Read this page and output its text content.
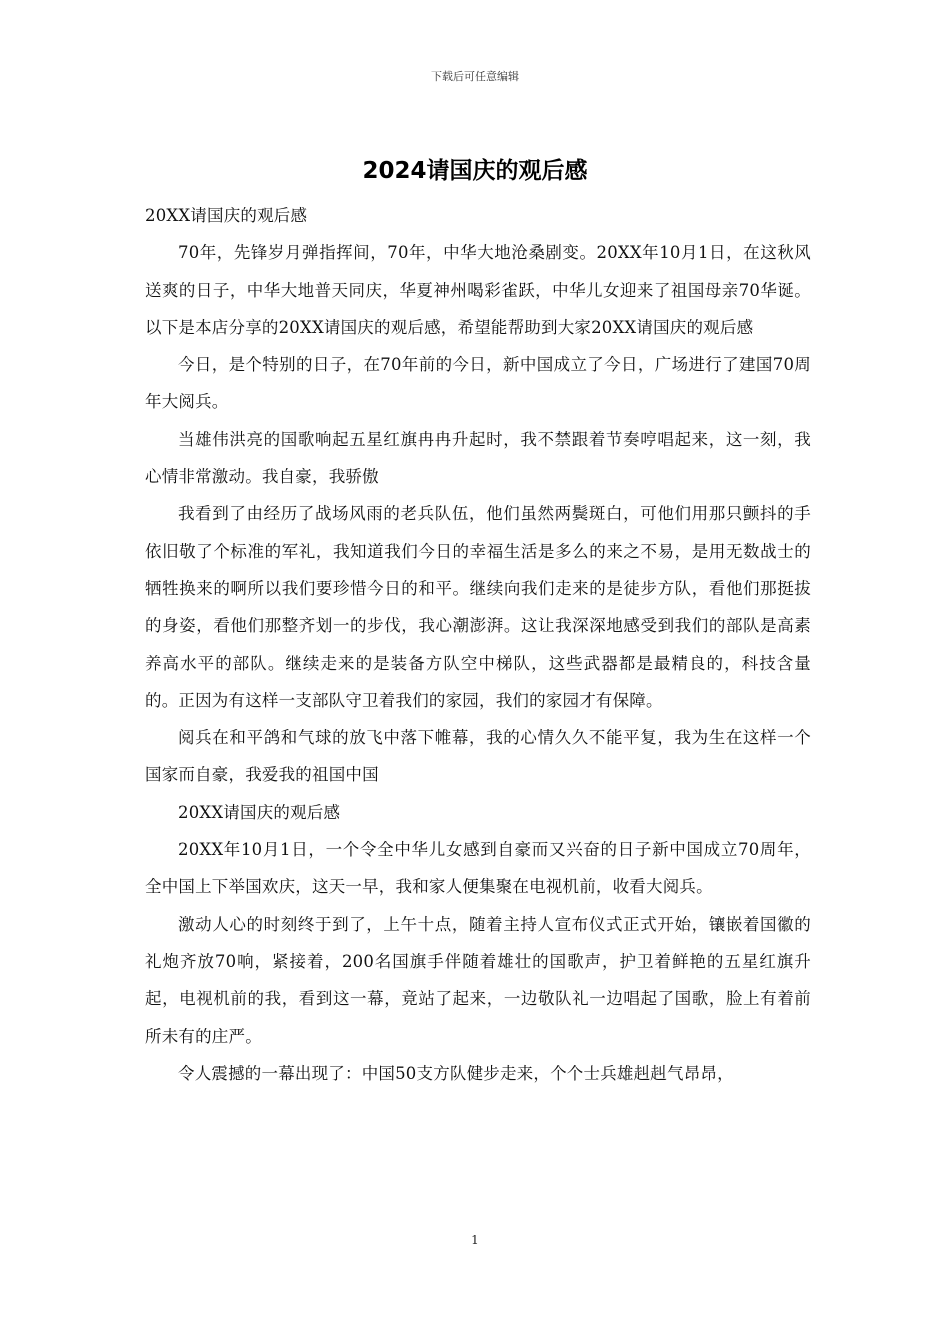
下载后可任意编辑
2024请国庆的观后感

20XX请国庆的观后感

70年，先锋岁月弹指挥间，70年，中华大地沧桑剧变。20XX年10月1日，在这秋风送爽的日子，中华大地普天同庆，华夏神州喝彩雀跃，中华儿女迎来了祖国母亲70华诞。以下是本店分享的20XX请国庆的观后感，希望能帮助到大家20XX请国庆的观后感

今日，是个特别的日子，在70年前的今日，新中国成立了今日，广场进行了建国70周年大阅兵。

当雄伟洪亮的国歌响起五星红旗冉冉升起时，我不禁跟着节奏哼唱起来，这一刻，我心情非常激动。我自豪，我骄傲

我看到了由经历了战场风雨的老兵队伍，他们虽然两鬓斑白，可他们用那只颤抖的手依旧敬了个标准的军礼，我知道我们今日的幸福生活是多么的来之不易，是用无数战士的牺牲换来的啊所以我们要珍惜今日的和平。继续向我们走来的是徒步方队，看他们那挺拔的身姿，看他们那整齐划一的步伐，我心潮澎湃。这让我深深地感受到我们的部队是高素养高水平的部队。继续走来的是装备方队空中梯队，这些武器都是最精良的，科技含量的。正因为有这样一支部队守卫着我们的家园，我们的家园才有保障。

阅兵在和平鸽和气球的放飞中落下帷幕，我的心情久久不能平复，我为生在这样一个国家而自豪，我爱我的祖国中国

20XX请国庆的观后感

20XX年10月1日，一个令全中华儿女感到自豪而又兴奋的日子新中国成立70周年，全中国上下举国欢庆，这天一早，我和家人便集聚在电视机前，收看大阅兵。

激动人心的时刻终于到了，上午十点，随着主持人宣布仪式正式开始，镶嵌着国徽的礼炮齐放70响，紧接着，200名国旗手伴随着雄壮的国歌声，护卫着鲜艳的五星红旗升起，电视机前的我，看到这一幕，竟站了起来，一边敬队礼一边唱起了国歌，脸上有着前所未有的庄严。

令人震撼的一幕出现了：中国50支方队健步走来，个个士兵雄赳赳气昂昂，

1
